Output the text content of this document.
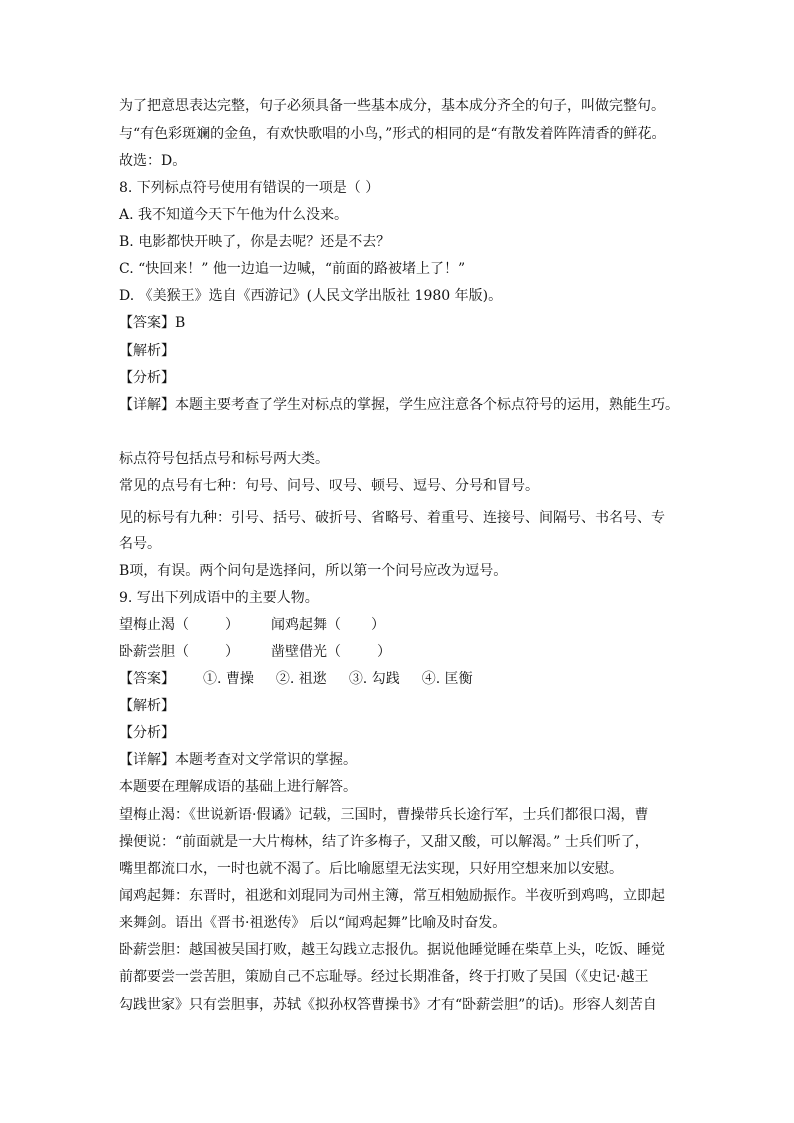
为了把意思表达完整，句子必须具备一些基本成分，基本成分齐全的句子，叫做完整句。
与“有色彩斑斓的金鱼，有欢快歌唱的小鸟，”形式的相同的是“有散发着阵阵清香的鲜花。
故选：D。
8. 下列标点符号使用有错误的一项是（ ）
A. 我不知道今天下午他为什么没来。
B. 电影都快开映了，你是去呢？还是不去？
C. “快回来！” 他一边追一边喊，“前面的路被堵上了！”
D. 《美猴王》选自《西游记》(人民文学出版社 1980 年版)。
【答案】B
【解析】
【分析】
【详解】本题主要考查了学生对标点的掌握，学生应注意各个标点符号的运用，熟能生巧。
标点符号包括点号和标号两大类。
常见的点号有七种：句号、问号、叹号、顿号、逗号、分号和冒号。
见的标号有九种：引号、括号、破折号、省略号、着重号、连接号、间隔号、书名号、专
名号。
B项，有误。两个问句是选择问，所以第一个问号应改为逗号。
9. 写出下列成语中的主要人物。
望梅止渴（	） 闻鸡起舞（ ）
卧薪尝胆（	） 凿壁借光（	）
【答案】 ①. 曹操 ②. 祖逖 ③. 勾践 ④. 匡衡
【解析】
【分析】
【详解】本题考查对文学常识的掌握。
本题要在理解成语的基础上进行解答。
望梅止渴：《世说新语·假谲》记载，三国时，曹操带兵长途行军，士兵们都很口渴，曹
操便说：“前面就是一大片梅林，结了许多梅子，又甜又酸，可以解渴。” 士兵们听了，
嘴里都流口水，一时也就不渴了。后比喻愿望无法实现，只好用空想来加以安慰。
闻鸡起舞：东晋时，祖逖和刘琨同为司州主簿，常互相勉励振作。半夜听到鸡鸣，立即起
来舞剑。语出《晋书·祖逖传》 后以“闻鸡起舞”比喻及时奋发。
卧薪尝胆：越国被吴国打败，越王勾践立志报仇。据说他睡觉睡在柴草上头，吃饭、睡觉
前都要尝一尝苦胆，策励自己不忘耻辱。经过长期准备，终于打败了吴国（《史记·越王
勾践世家》只有尝胆事，苏轼《拟孙权答曹操书》才有“卧薪尝胆”的话)。形容人刻苦自
